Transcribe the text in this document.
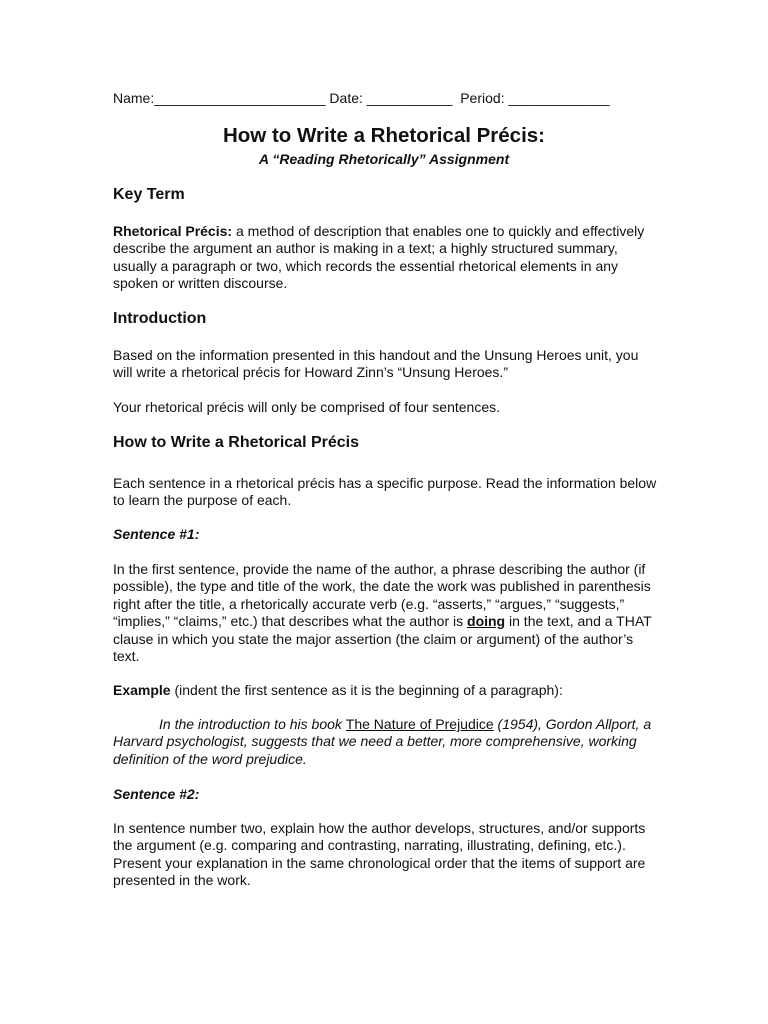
Name:______________________ Date: ___________ Period: _____________
How to Write a Rhetorical Précis:

A “Reading Rhetorically” Assignment

Key Term

Rhetorical Précis: a method of description that enables one to quickly and effectively describe the argument an author is making in a text; a highly structured summary, usually a paragraph or two, which records the essential rhetorical elements in any spoken or written discourse.

Introduction

Based on the information presented in this handout and the Unsung Heroes unit, you will write a rhetorical précis for Howard Zinn’s “Unsung Heroes.”

Your rhetorical précis will only be comprised of four sentences.

How to Write a Rhetorical Précis

Each sentence in a rhetorical précis has a specific purpose. Read the information below to learn the purpose of each.

Sentence #1:

In the first sentence, provide the name of the author, a phrase describing the author (if possible), the type and title of the work, the date the work was published in parenthesis right after the title, a rhetorically accurate verb (e.g. “asserts,” “argues,” “suggests,” “implies,” “claims,” etc.) that describes what the author is doing in the text, and a THAT clause in which you state the major assertion (the claim or argument) of the author’s text.

Example (indent the first sentence as it is the beginning of a paragraph):

In the introduction to his book The Nature of Prejudice (1954), Gordon Allport, a Harvard psychologist, suggests that we need a better, more comprehensive, working definition of the word prejudice.

Sentence #2:

In sentence number two, explain how the author develops, structures, and/or supports the argument (e.g. comparing and contrasting, narrating, illustrating, defining, etc.). Present your explanation in the same chronological order that the items of support are presented in the work.
